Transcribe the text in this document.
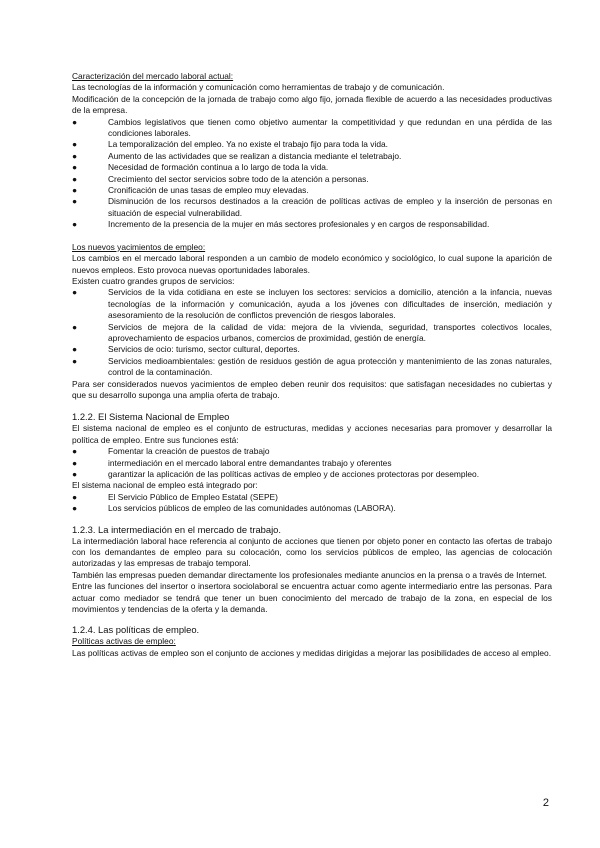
Caracterización del mercado laboral actual:
Las tecnologías de la información y comunicación como herramientas de trabajo y de comunicación.
Modificación de la concepción de la jornada de trabajo como algo fijo, jornada flexible de acuerdo a las necesidades productivas de la empresa.
●	Cambios legislativos que tienen como objetivo aumentar la competitividad y que redundan en una pérdida de las condiciones laborales.
●	La temporalización del empleo. Ya no existe el trabajo fijo para toda la vida.
●	Aumento de las actividades que se realizan a distancia mediante el teletrabajo.
●	Necesidad de formación continua a lo largo de toda la vida.
●	Crecimiento del sector servicios sobre todo de la atención a personas.
●	Cronificación de unas tasas de empleo muy elevadas.
●	Disminución de los recursos destinados a la creación de políticas activas de empleo y la inserción de personas en situación de especial vulnerabilidad.
●	Incremento de la presencia de la mujer en más sectores profesionales y en cargos de responsabilidad.
Los nuevos yacimientos de empleo:
Los cambios en el mercado laboral responden a un cambio de modelo económico y sociológico, lo cual supone la aparición de nuevos empleos. Esto provoca nuevas oportunidades laborales.
Existen cuatro grandes grupos de servicios:
●	Servicios de la vida cotidiana en este se incluyen los sectores: servicios a domicilio, atención a la infancia, nuevas tecnologías de la información y comunicación, ayuda a los jóvenes con dificultades de inserción, mediación y asesoramiento de la resolución de conflictos prevención de riesgos laborales.
●	Servicios de mejora de la calidad de vida: mejora de la vivienda, seguridad, transportes colectivos locales, aprovechamiento de espacios urbanos, comercios de proximidad, gestión de energía.
●	Servicios de ocio: turismo, sector cultural, deportes.
●	Servicios medioambientales: gestión de residuos gestión de agua protección y mantenimiento de las zonas naturales, control de la contaminación.
Para ser considerados nuevos yacimientos de empleo deben reunir dos requisitos: que satisfagan necesidades no cubiertas y que su desarrollo suponga una amplia oferta de trabajo.
1.2.2. El Sistema Nacional de Empleo
El sistema nacional de empleo es el conjunto de estructuras, medidas y acciones necesarias para promover y desarrollar la política de empleo. Entre sus funciones está:
●	Fomentar la creación de puestos de trabajo
●	intermediación en el mercado laboral entre demandantes trabajo y oferentes
●	garantizar la aplicación de las políticas activas de empleo y de acciones protectoras por desempleo.
El sistema nacional de empleo está integrado por:
●	El Servicio Público de Empleo Estatal (SEPE)
●	Los servicios públicos de empleo de las comunidades autónomas (LABORA).
1.2.3. La intermediación en el mercado de trabajo.
La intermediación laboral hace referencia al conjunto de acciones que tienen por objeto poner en contacto las ofertas de trabajo con los demandantes de empleo para su colocación, como los servicios públicos de empleo, las agencias de colocación autorizadas y las empresas de trabajo temporal.
También las empresas pueden demandar directamente los profesionales mediante anuncios en la prensa o a través de Internet.
Entre las funciones del insertor o insertora sociolaboral se encuentra actuar como agente intermediario entre las personas. Para actuar como mediador se tendrá que tener un buen conocimiento del mercado de trabajo de la zona, en especial de los movimientos y tendencias de la oferta y la demanda.
1.2.4. Las políticas de empleo.
Políticas activas de empleo:
Las políticas activas de empleo son el conjunto de acciones y medidas dirigidas a mejorar las posibilidades de acceso al empleo.
2
